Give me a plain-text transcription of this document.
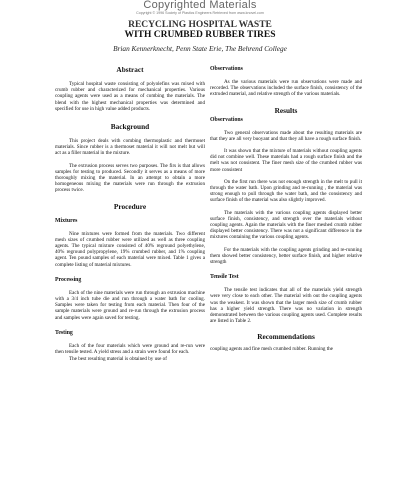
Copyrighted Materials
Copyright © 1996 Society of Plastics Engineers Retrieved from www.knovel.com
RECYCLING HOSPITAL WASTE
WITH CRUMBED RUBBER TIRES
Brian Kennerknecht, Penn State Erie, The Behrend College
Abstract

Typical hospital waste consisting of polyolefins was mixed with crumb rubber and characterized for mechanical properties. Various coupling agents were used as a means of combing the materials. The blend with the highest mechanical properties was determined and specified for use in high value added products.

Background

This project deals with combing thermoplastic and thermoset materials. Since rubber is a thermoset material it will not melt but will act as a filler material in the mixture.

The extrusion process serves two purposes. The firs is that allows samples for testing to produced. Secondly it serves as a means of more thoroughly mixing the material. In an attempt to obtain a more homogeneous mixing the materials were run through the extrusion process twice.

Procedure
Mixtures

Nine mixtures were formed from the materials. Two different mesh sizes of crumbed rubber were utilized as well as three coupling agents. The typical mixture consisted of 40% reground polyethylene, 40% reground polypropylene, 19% crumbed rubber, and 1% coupling agent. Ten pound samples of each material were mixed. Table 1 gives a complete listing of material mixtures.

Processing

Each of the nine materials were run through an extrusion machine with a 3/4 inch tube die and run through a water bath for cooling. Samples were taken for testing from each material. Then four of the sample materials were ground and re-run through the extrusion process and samples were again saved for testing.

Testing

Each of the four materials which were ground and re-run were then tensile tested. A yield stress and a strain were found for each.

The best resulting material is obtained by use of

Observations

As the various materials were run observations were made and recorded. The observations included the surface finish, consistency of the extruded material, and relative strength of the various materials.

Results
Observations

Two general observations made about the resulting materials are that they are all very buoyant and that they all have a rough surface finish.

It was shown that the mixture of materials without coupling agents did not combine well. These materials had a rough surface finish and the melt was not consistent. The finer mesh size of the crumbed rubber was more consistent

On the first run there was not enough strength in the melt to pull it through the water bath. Upon grinding and re-running , the material was strong enough to pull through the water bath, and the consistency and surface finish of the material was also slightly improved.

The materials with the various coupling agents displayed better surface finish, consistency, and strength over the materials without coupling agents. Again the materials with the finer meshed crumb rubber displayed better consistency. There was not a significant difference in the mixtures containing the various coupling agents.

For the materials with the coupling agents grinding and re-running them showed better consistency, better surface finish, and higher relative strength

Tensile Test

The tensile test indicates that all of the materials yield strength were very close to each other. The material with out the coupling agents was the weakest. It was shown that the larger mesh size of crumb rubber has a higher yield strength. There was no variation in strength demonstrated between the various coupling agents used. Complete results are listed in Table 2.

Recommendations

coupling agents and fine mesh crumbed rubber. Running the
